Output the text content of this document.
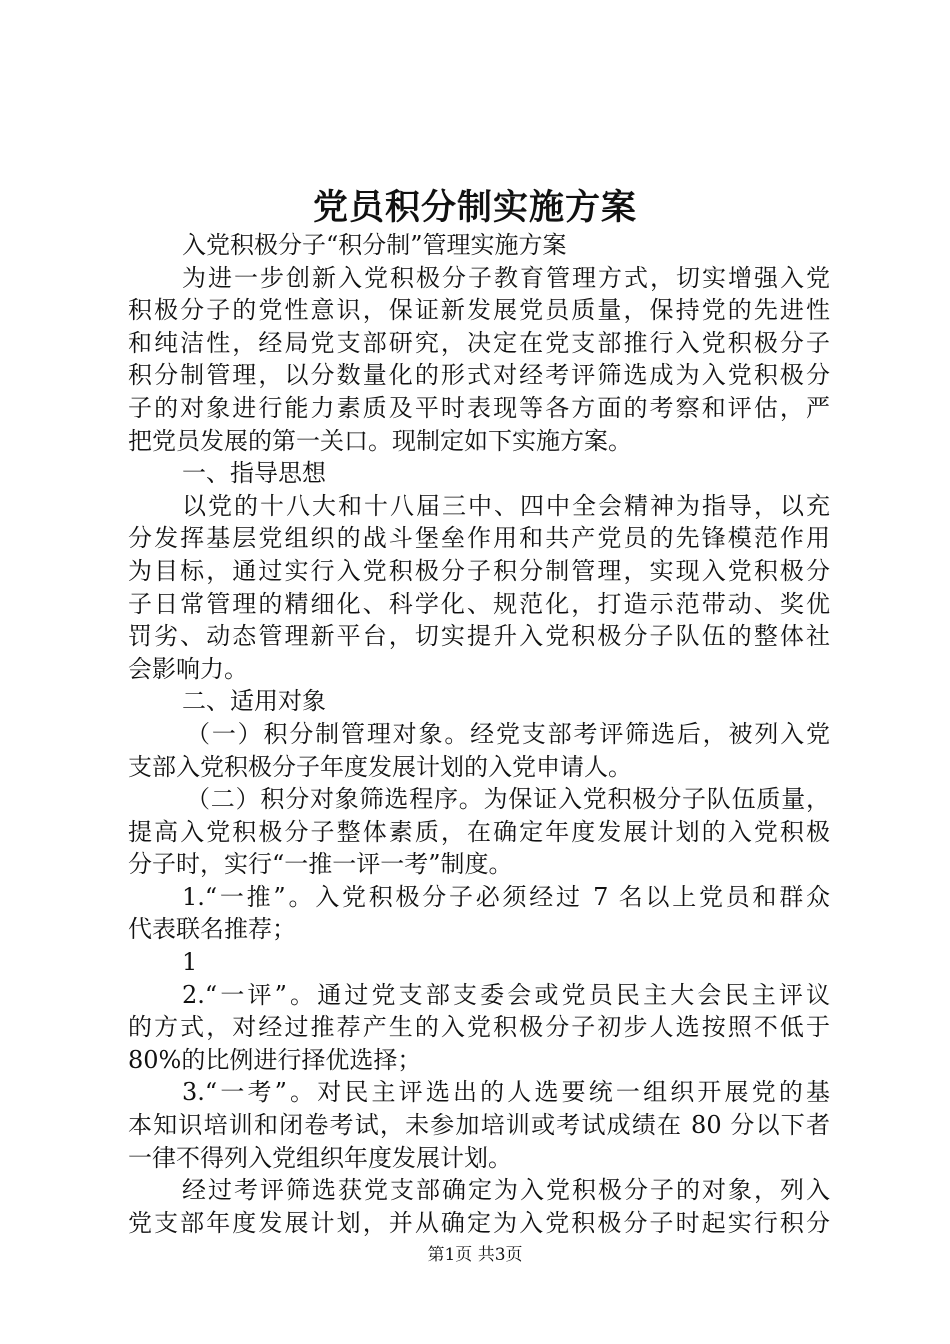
党员积分制实施方案
入党积极分子“积分制”管理实施方案
为进一步创新入党积极分子教育管理方式，切实增强入党
积极分子的党性意识，保证新发展党员质量，保持党的先进性
和纯洁性，经局党支部研究，决定在党支部推行入党积极分子
积分制管理，以分数量化的形式对经考评筛选成为入党积极分
子的对象进行能力素质及平时表现等各方面的考察和评估，严
把党员发展的第一关口。现制定如下实施方案。
一、指导思想
以党的十八大和十八届三中、四中全会精神为指导，以充
分发挥基层党组织的战斗堡垒作用和共产党员的先锋模范作用
为目标，通过实行入党积极分子积分制管理，实现入党积极分
子日常管理的精细化、科学化、规范化，打造示范带动、奖优
罚劣、动态管理新平台，切实提升入党积极分子队伍的整体社
会影响力。
二、适用对象
（一）积分制管理对象。经党支部考评筛选后，被列入党
支部入党积极分子年度发展计划的入党申请人。
（二）积分对象筛选程序。为保证入党积极分子队伍质量，
提高入党积极分子整体素质，在确定年度发展计划的入党积极
分子时，实行“一推一评一考”制度。
1.“一推”。入党积极分子必须经过 7 名以上党员和群众
代表联名推荐；
1
2.“一评”。通过党支部支委会或党员民主大会民主评议
的方式，对经过推荐产生的入党积极分子初步人选按照不低于
80%的比例进行择优选择；
3.“一考”。对民主评选出的人选要统一组织开展党的基
本知识培训和闭卷考试，未参加培训或考试成绩在 80 分以下者
一律不得列入党组织年度发展计划。
经过考评筛选获党支部确定为入党积极分子的对象，列入
党支部年度发展计划，并从确定为入党积极分子时起实行积分
第1页 共3页
